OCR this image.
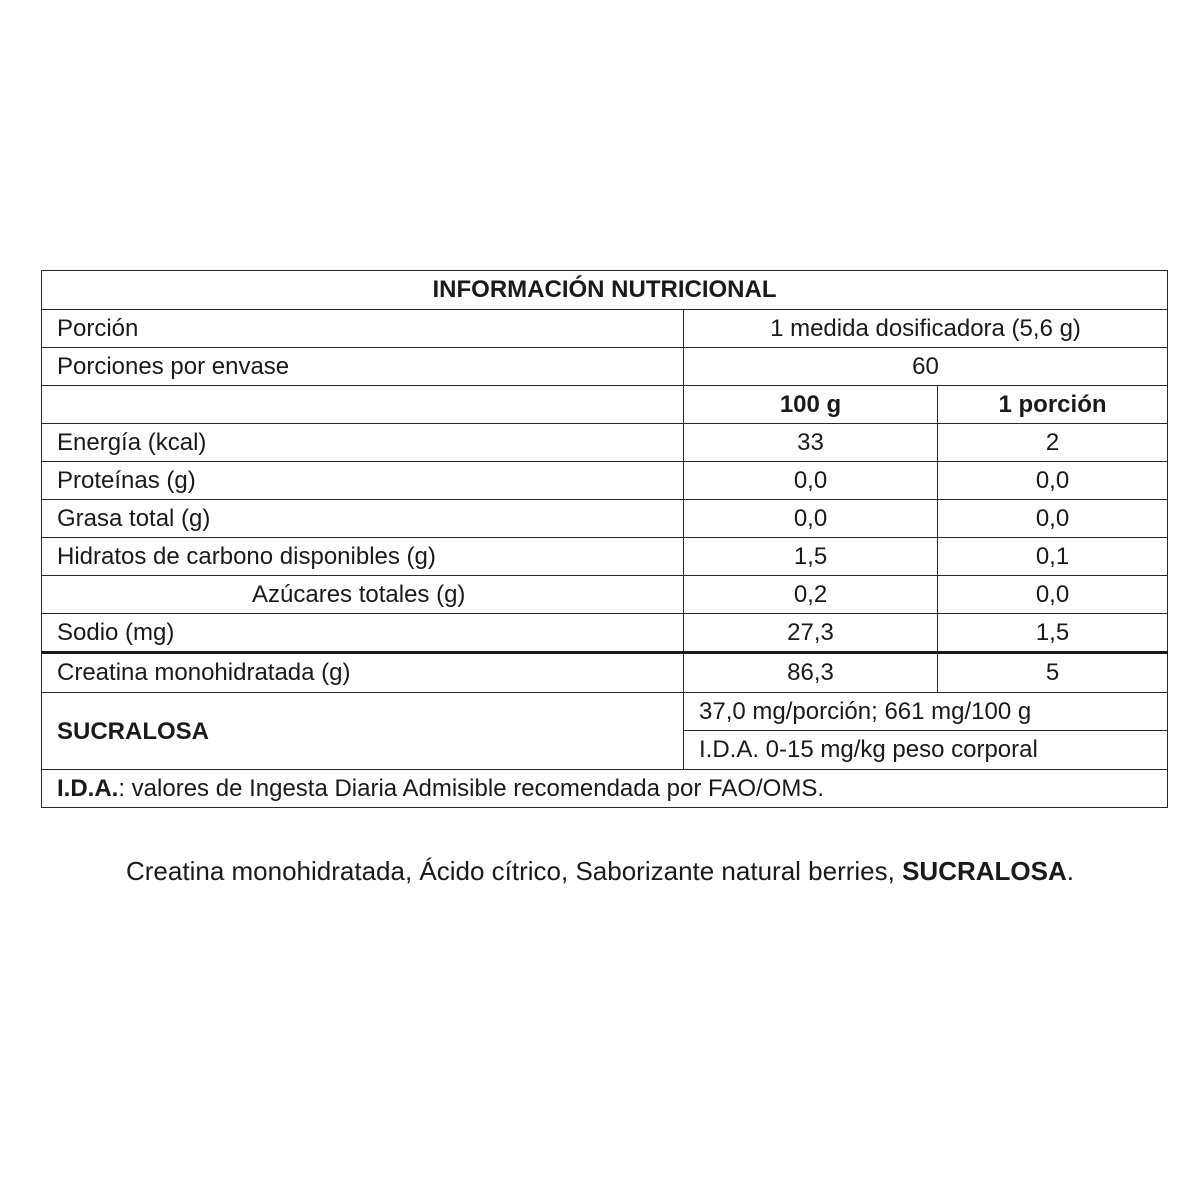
INFORMACIÓN NUTRICIONAL		
Porción	1 medida dosificadora (5,6 g)	
Porciones por envase	60	
	100 g	1 porción
Energía (kcal)	33	2
Proteínas (g)	0,0	0,0
Grasa total (g)	0,0	0,0
Hidratos de carbono disponibles (g)	1,5	0,1
Azúcares totales (g)	0,2	0,0
Sodio (mg)	27,3	1,5
Creatina monohidratada (g)	86,3	5
SUCRALOSA	37,0 mg/porción; 661 mg/100 g	
	I.D.A. 0-15 mg/kg peso corporal	
I.D.A.: valores de Ingesta Diaria Admisible recomendada por FAO/OMS.		
Creatina monohidratada, Ácido cítrico, Saborizante natural berries, SUCRALOSA.
